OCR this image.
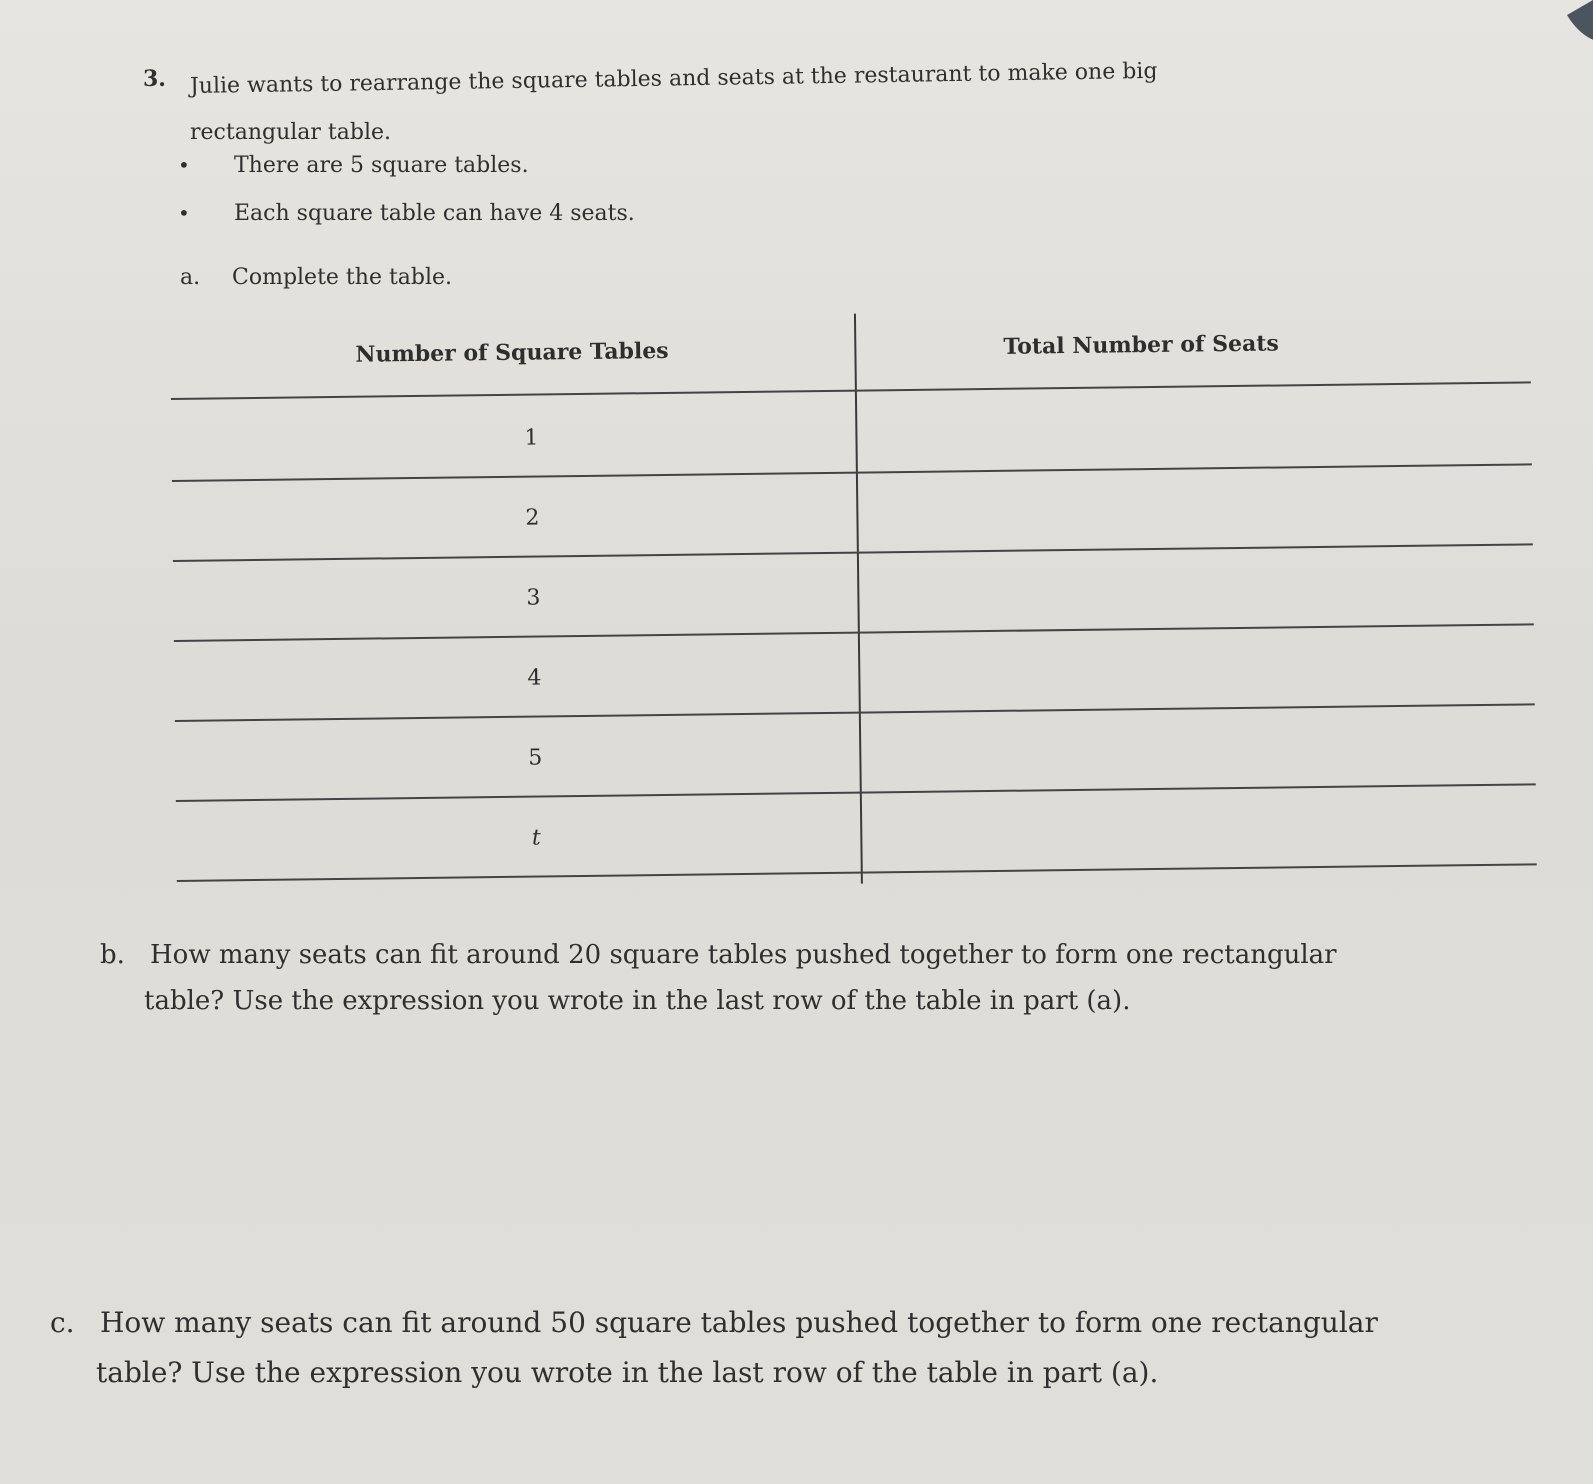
3. Julie wants to rearrange the square tables and seats at the restaurant to make one big
rectangular table.
•	There are 5 square tables.
•	Each square table can have 4 seats.
a. Complete the table.
Number of Square Tables	Total Number of Seats
1
2
3
4
5
t
b. How many seats can fit around 20 square tables pushed together to form one rectangular
table? Use the expression you wrote in the last row of the table in part (a).
c. How many seats can fit around 50 square tables pushed together to form one rectangular
table? Use the expression you wrote in the last row of the table in part (a).
